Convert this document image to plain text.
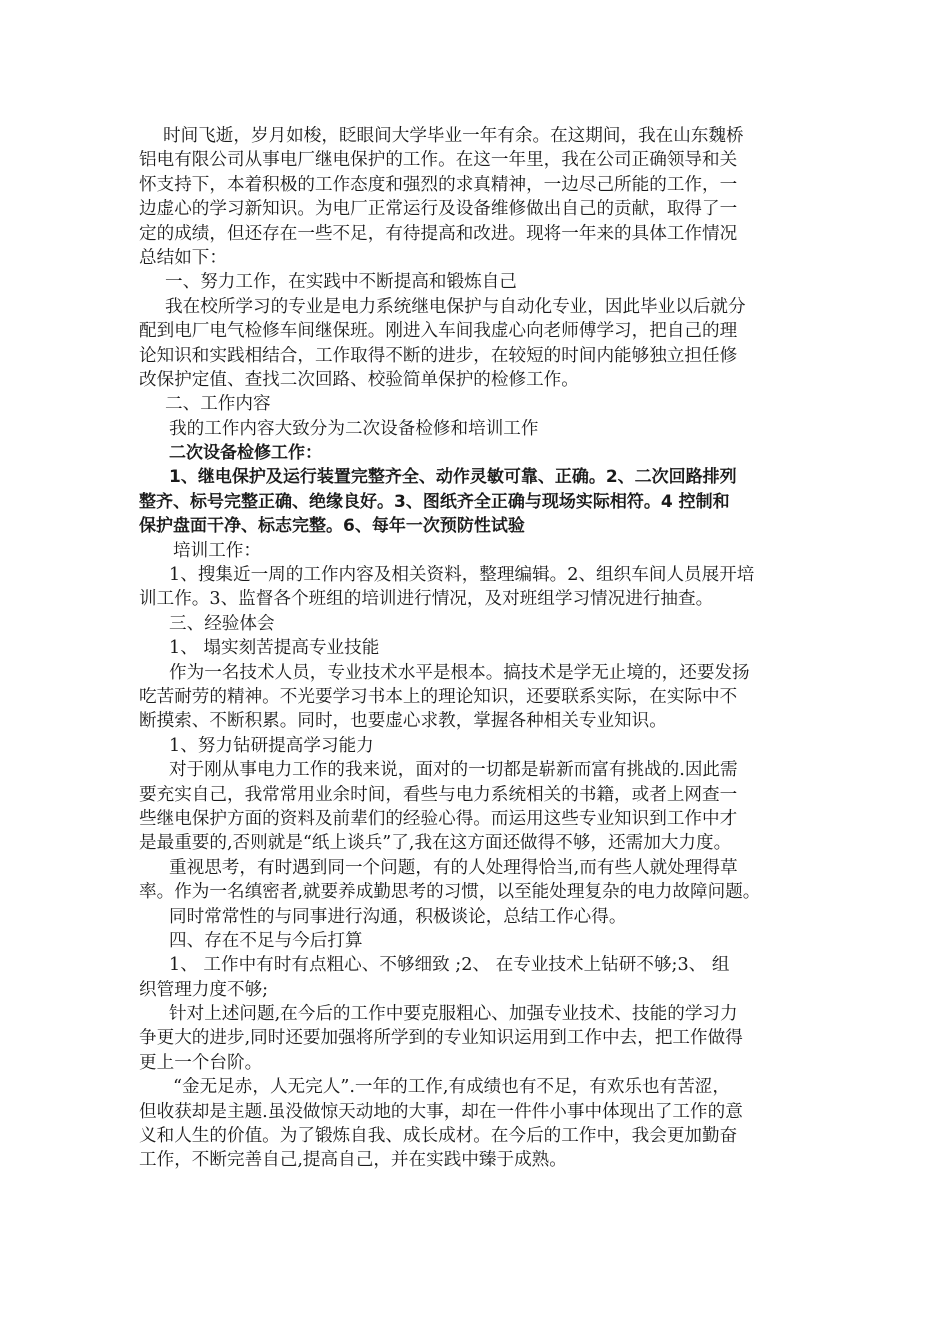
时间飞逝，岁月如梭，眨眼间大学毕业一年有余。在这期间，我在山东魏桥
铝电有限公司从事电厂继电保护的工作。在这一年里，我在公司正确领导和关
怀支持下，本着积极的工作态度和强烈的求真精神，一边尽己所能的工作，一
边虚心的学习新知识。为电厂正常运行及设备维修做出自己的贡献，取得了一
定的成绩，但还存在一些不足，有待提高和改进。现将一年来的具体工作情况
总结如下：
一、努力工作，在实践中不断提高和锻炼自己
我在校所学习的专业是电力系统继电保护与自动化专业，因此毕业以后就分
配到电厂电气检修车间继保班。刚进入车间我虚心向老师傅学习，把自己的理
论知识和实践相结合，工作取得不断的进步，在较短的时间内能够独立担任修
改保护定值、查找二次回路、校验简单保护的检修工作。
二、工作内容
我的工作内容大致分为二次设备检修和培训工作
二次设备检修工作：
1、继电保护及运行装置完整齐全、动作灵敏可靠、正确。2、二次回路排列
整齐、标号完整正确、绝缘良好。3、图纸齐全正确与现场实际相符。4 控制和
保护盘面干净、标志完整。6、每年一次预防性试验
培训工作：
1、搜集近一周的工作内容及相关资料，整理编辑。2、组织车间人员展开培
训工作。3、监督各个班组的培训进行情况，及对班组学习情况进行抽查。
三、经验体会
1、 塌实刻苦提高专业技能
作为一名技术人员，专业技术水平是根本。搞技术是学无止境的，还要发扬
吃苦耐劳的精神。不光要学习书本上的理论知识，还要联系实际，在实际中不
断摸索、不断积累。同时，也要虚心求教，掌握各种相关专业知识。
1、努力钻研提高学习能力
对于刚从事电力工作的我来说，面对的一切都是崭新而富有挑战的.因此需
要充实自己，我常常用业余时间，看些与电力系统相关的书籍，或者上网查一
些继电保护方面的资料及前辈们的经验心得。而运用这些专业知识到工作中才
是最重要的,否则就是“纸上谈兵”了,我在这方面还做得不够，还需加大力度。
重视思考，有时遇到同一个问题，有的人处理得恰当,而有些人就处理得草
率。作为一名缜密者,就要养成勤思考的习惯，以至能处理复杂的电力故障问题。
同时常常性的与同事进行沟通，积极谈论，总结工作心得。
四、存在不足与今后打算
1、 工作中有时有点粗心、不够细致 ;2、 在专业技术上钻研不够;3、 组
织管理力度不够;
针对上述问题,在今后的工作中要克服粗心、加强专业技术、技能的学习力
争更大的进步,同时还要加强将所学到的专业知识运用到工作中去，把工作做得
更上一个台阶。
“金无足赤，人无完人”.一年的工作,有成绩也有不足，有欢乐也有苦涩，
但收获却是主题.虽没做惊天动地的大事，却在一件件小事中体现出了工作的意
义和人生的价值。为了锻炼自我、成长成材。在今后的工作中，我会更加勤奋
工作，不断完善自己,提高自己，并在实践中臻于成熟。
